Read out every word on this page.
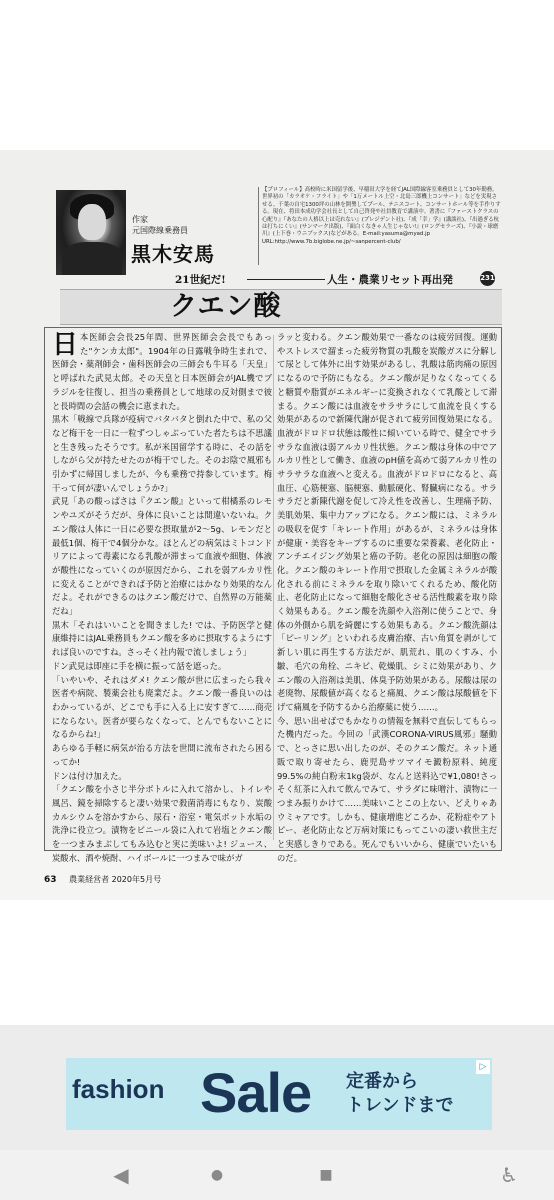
作家
元国際線乗務員
黒木安馬
【プロフィール】高校時に米国留学後、早稲田大学を経てJAL国際線客室乗務員として30年勤務。世界初の「カラオケ・フライト」や「1万メートル上空・北島三郎機上コンサート」などを実現させる。千葉の自宅1300坪の山林を開墾してプール、テニスコート、コンサートホール等を手作りする。現在、将田本成功学会社長として自己啓発や社員教育で講演中。著書に『ファーストクラスの心配り』『あなたの人格以上は売れない』(プレジデント社)、『成「幸」学』(講談社)、『出過ぎる杭は打ちにくい』(サンマーク出版)、『面白くなきゃ人生じゃない!』(ロングセラーズ)、『小説・球磨川』(上下巻・ウニブックス)などがある。E-mail:yasuma@myad.jp URL:http://www.7b.biglobe.ne.jp/~sanpercent-club/
21世紀だ!	人生・農業リセット再出発	231
クエン酸
日 本医師会会長25年間、世界医師会会長でもあった"ケンカ太郎"。1904年の日露戦争時生まれで、医師会・薬剤師会・歯科医師会の三師会も牛耳る「天皇」と呼ばれた武見太郎。その天皇と日本医師会がJAL機でブラジルを往復し、担当の乗務員として地球の反対側まで彼と長時間の会話の機会に恵まれた。

黒木「戦線で兵隊が疫病でバタバタと倒れた中で、私の父など梅干を一日に一粒ずつしゃぶっていた者たちは不思議と生き残ったそうです。私が米国留学する時に、その話をしながら父が持たせたのが梅干でした。そのお陰で風邪も引かずに帰国しましたが、今も乗務で持参しています。梅干って何が凄いんでしょうか?」

武見「あの酸っぱさは『クエン酸』といって柑橘系のレモンやユズがそうだが、身体に良いことは間違いないね。クエン酸は人体に一日に必要な摂取量が2〜5g、レモンだと最低1個、梅干で4個分かな。ほとんどの病気はミトコンドリアによって毒素になる乳酸が滞まって血液や細胞、体液が酸性になっていくのが原因だから、これを弱アルカリ性に変えることができれば予防と治療にはかなり効果的なんだよ。それができるのはクエン酸だけで、自然界の万能薬だね」

黒木「それはいいことを聞きました! では、予防医学と健康維持にはJAL乗務員もクエン酸を多めに摂取するようにすれば良いのですね。さっそく社内報で流しましょう」

ドン武見は即座に手を横に振って話を遮った。

「いやいや、それはダメ! クエン酸が世に広まったら我々医者や病院、製薬会社も廃業だよ。クエン酸一番良いのはわかっているが、どこでも手に入る上に安すぎて……商売にならない。医者が要らなくなって、とんでもないことになるからね!」

あらゆる手軽に病気が治る方法を世間に流布されたら困るってか!

ドンは付け加えた。

「クエン酸を小さじ半分ボトルに入れて溶かし、トイレや風呂、鏡を掃除すると凄い効果で殺菌消毒にもなり、炭酸カルシウムを溶かすから、尿石・浴室・電気ポット水垢の洗浄に役立つ。漬物をビニール袋に入れて岩塩とクエン酸を一つまみまぶしてもみ込むと実に美味いよ! ジュース、炭酸水、酒や焼酎、ハイボールに一つまみで味がガ

ラッと変わる。クエン酸効果で一番なのは疲労回復。運動やストレスで溜まった疲労物質の乳酸を炭酸ガスに分解して尿として体外に出す効果があるし、乳酸は筋肉痛の原因になるので予防にもなる。クエン酸が足りなくなってくると糖質や脂質がエネルギーに変換されなくて乳酸として滞まる。クエン酸には血液をサラサラにして血流を良くする効果があるので新陳代謝が促されて疲労回復効果になる。血液がドロドロ状態は酸性に傾いている時で、健全でサラサラな血液は弱アルカリ性状態。クエン酸は身体の中でアルカリ性として働き、血液のpH値を高めて弱アルカリ性のサラサラな血液へと変える。血液がドロドロになると、高血圧、心筋梗塞、脳梗塞、動脈硬化、腎臓病になる。サラサラだと新陳代謝を促して冷え性を改善し、生理痛予防、美肌効果、集中力アップになる。クエン酸には、ミネラルの吸収を促す「キレート作用」があるが、ミネラルは身体が健康・美容をキープするのに重要な栄養素、老化防止・アンチエイジング効果と癌の予防。老化の原因は細胞の酸化。クエン酸のキレート作用で摂取した金属ミネラルが酸化される前にミネラルを取り除いてくれるため、酸化防止、老化防止になって細胞を酸化させる活性酸素を取り除く効果もある。クエン酸を洗顔や入浴剤に使うことで、身体の外側から肌を綺麗にする効果もある。クエン酸洗顔は「ピーリング」といわれる皮膚治療、古い角質を剥がして新しい肌に再生する方法だが、肌荒れ、肌のくすみ、小皺、毛穴の角栓、ニキビ、乾燥肌、シミに効果があり、クエン酸の入浴剤は美肌、体臭予防効果がある。尿酸は尿の老廃物、尿酸値が高くなると痛風、クエン酸は尿酸値を下げて痛風を予防するから治療薬に使う……。

今、思い出せばでもかなりの情報を無料で直伝してもらった機内だった。今回の「武漢CORONA-VIRUS風邪」騒動で、とっさに思い出したのが、そのクエン酸だ。ネット通販で取り寄せたら、鹿児島サツマイモ澱粉原料、純度99.5%の純白粉末1kg袋が、なんと送料込で¥1,080!さっそく紅茶に入れて飲んでみて、サラダに味噌汁、漬物に一つまみ振りかけて……美味いことこの上ない、どえりゃあウミャアです。しかも、健康増進どころか、花粉症やアトピー、老化防止など万病対策にもってこいの凄い救世主だと実感しきりである。死んでもいいから、健康でいたいものだ。

63 農業経営者 2020年5月号
fashion Sale 定番から
トレンドまで
▷
◀	●	■	♿
